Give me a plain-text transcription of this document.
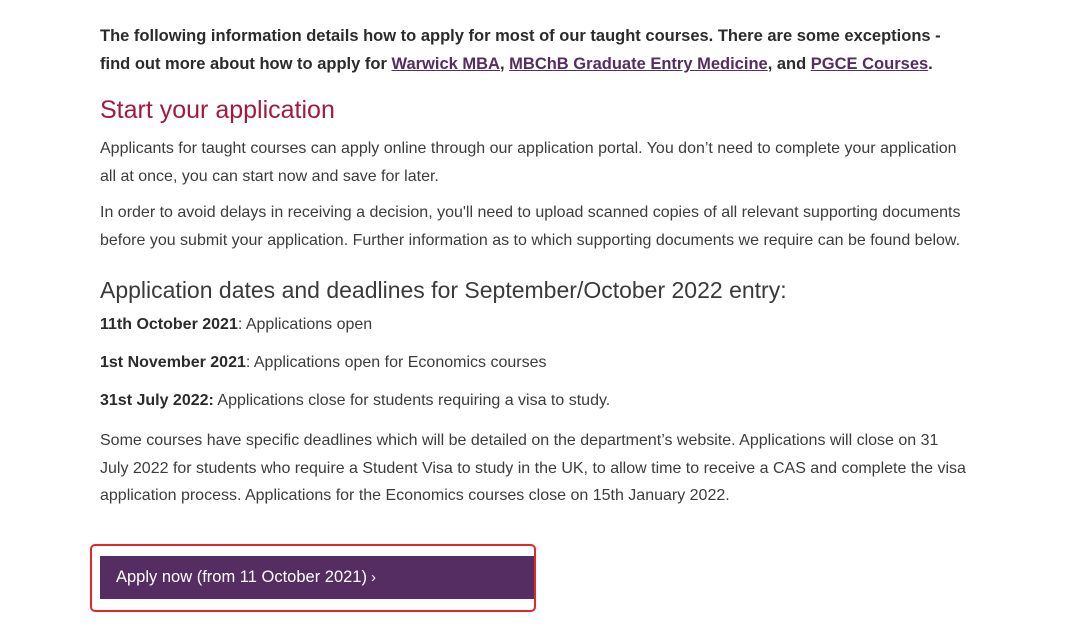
The following information details how to apply for most of our taught courses. There are some exceptions - find out more about how to apply for Warwick MBA, MBChB Graduate Entry Medicine, and PGCE Courses.

Start your application

Applicants for taught courses can apply online through our application portal. You don’t need to complete your application all at once, you can start now and save for later.

In order to avoid delays in receiving a decision, you'll need to upload scanned copies of all relevant supporting documents before you submit your application. Further information as to which supporting documents we require can be found below.

Application dates and deadlines for September/October 2022 entry:

11th October 2021: Applications open

1st November 2021: Applications open for Economics courses

31st July 2022: Applications close for students requiring a visa to study.

Some courses have specific deadlines which will be detailed on the department’s website. Applications will close on 31 July 2022 for students who require a Student Visa to study in the UK, to allow time to receive a CAS and complete the visa application process. Applications for the Economics courses close on 15th January 2022.

Apply now (from 11 October 2021) ›
